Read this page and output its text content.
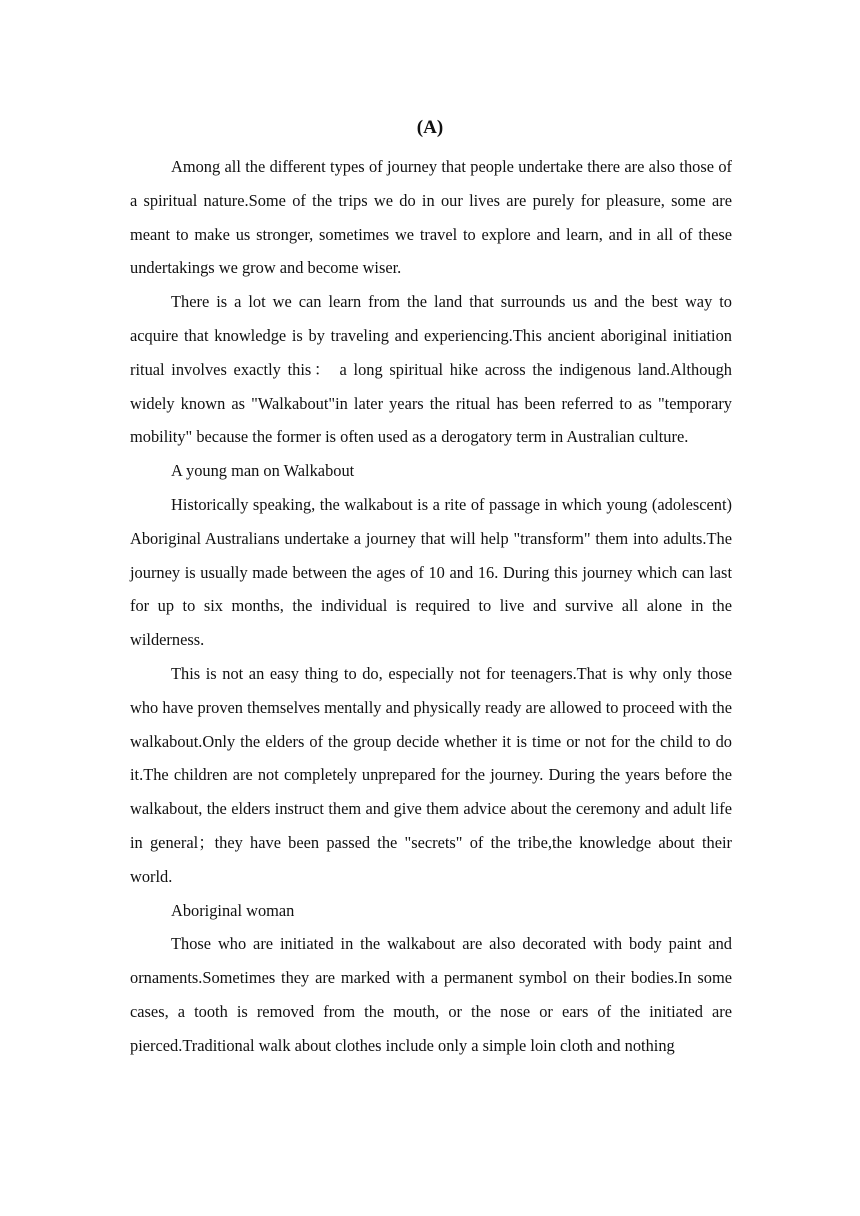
(A)

Among all the different types of journey that people undertake there are also those of a spiritual nature.Some of the trips we do in our lives are purely for pleasure, some are meant to make us stronger, sometimes we travel to explore and learn, and in all of these undertakings we grow and become wiser.

There is a lot we can learn from the land that surrounds us and the best way to acquire that knowledge is by traveling and experiencing.This ancient aboriginal initiation ritual involves exactly this： a long spiritual hike across the indigenous land.Although widely known as "Walkabout"in later years the ritual has been referred to as "temporary mobility" because the former is often used as a derogatory term in Australian culture.

A young man on Walkabout

Historically speaking, the walkabout is a rite of passage in which young (adolescent) Aboriginal Australians undertake a journey that will help "transform" them into adults.The journey is usually made between the ages of 10 and 16. During this journey which can last for up to six months, the individual is required to live and survive all alone in the wilderness.

This is not an easy thing to do, especially not for teenagers.That is why only those who have proven themselves mentally and physically ready are allowed to proceed with the walkabout.Only the elders of the group decide whether it is time or not for the child to do it.The children are not completely unprepared for the journey. During the years before the walkabout, the elders instruct them and give them advice about the ceremony and adult life in general；they have been passed the "secrets" of the tribe,the knowledge about their world.

Aboriginal woman

Those who are initiated in the walkabout are also decorated with body paint and ornaments.Sometimes they are marked with a permanent symbol on their bodies.In some cases, a tooth is removed from the mouth, or the nose or ears of the initiated are pierced.Traditional walk about clothes include only a simple loin cloth and nothing
